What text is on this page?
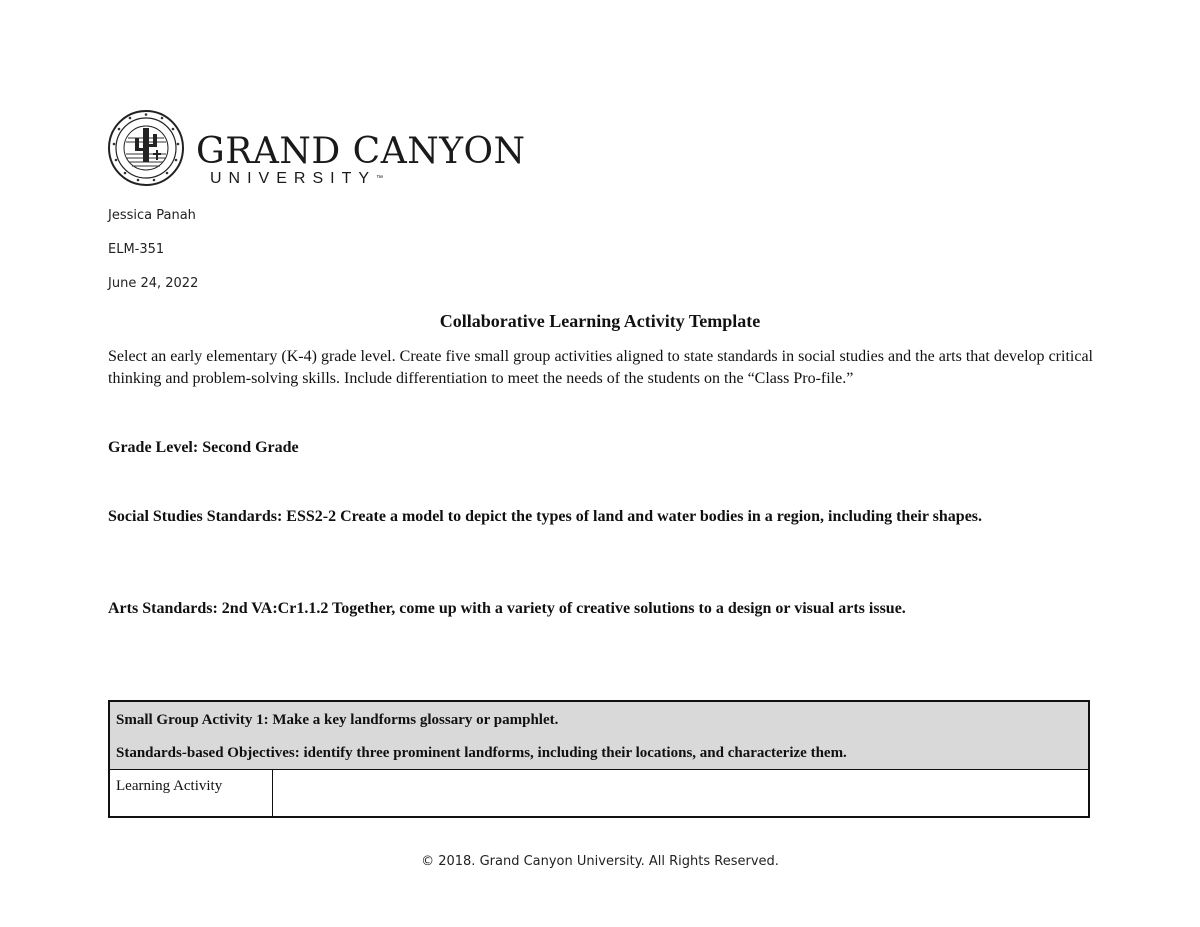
GRAND CANYON
UNIVERSITY™
Jessica Panah
ELM-351
June 24, 2022
Collaborative Learning Activity Template
Select an early elementary (K-4) grade level. Create five small group activities aligned to state standards in social studies and the arts that develop critical thinking and problem-solving skills. Include differentiation to meet the needs of the students on the “Class Pro-file.”
Grade Level: Second Grade
Social Studies Standards: ESS2-2 Create a model to depict the types of land and water bodies in a region, including their shapes.
Arts Standards: 2nd VA:Cr1.1.2 Together, come up with a variety of creative solutions to a design or visual arts issue.
Small Group Activity 1: Make a key landforms glossary or pamphlet.
Standards-based Objectives: identify three prominent landforms, including their locations, and characterize them.
Learning Activity
© 2018. Grand Canyon University. All Rights Reserved.
